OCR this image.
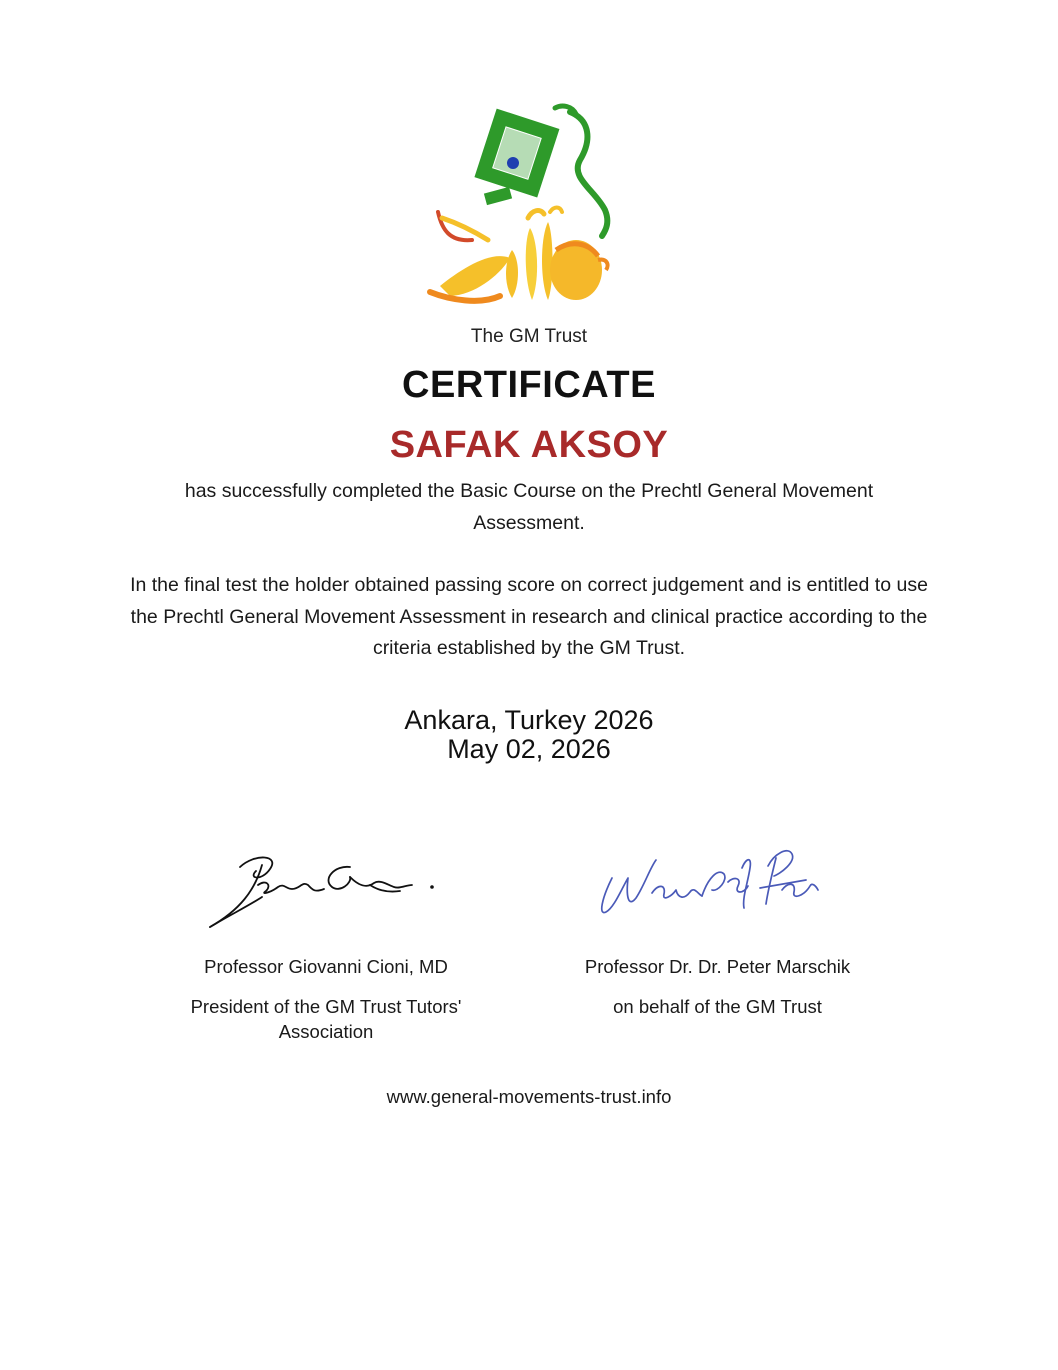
The GM Trust
CERTIFICATE
SAFAK AKSOY
has successfully completed the Basic Course on the Prechtl General Movement Assessment.
In the final test the holder obtained passing score on correct judgement and is entitled to use the Prechtl General Movement Assessment in research and clinical practice according to the criteria established by the GM Trust.
Ankara, Turkey 2026
May 02, 2026
Professor Giovanni Cioni, MD
President of the GM Trust Tutors' Association
Professor Dr. Dr. Peter Marschik
on behalf of the GM Trust
www.general-movements-trust.info
